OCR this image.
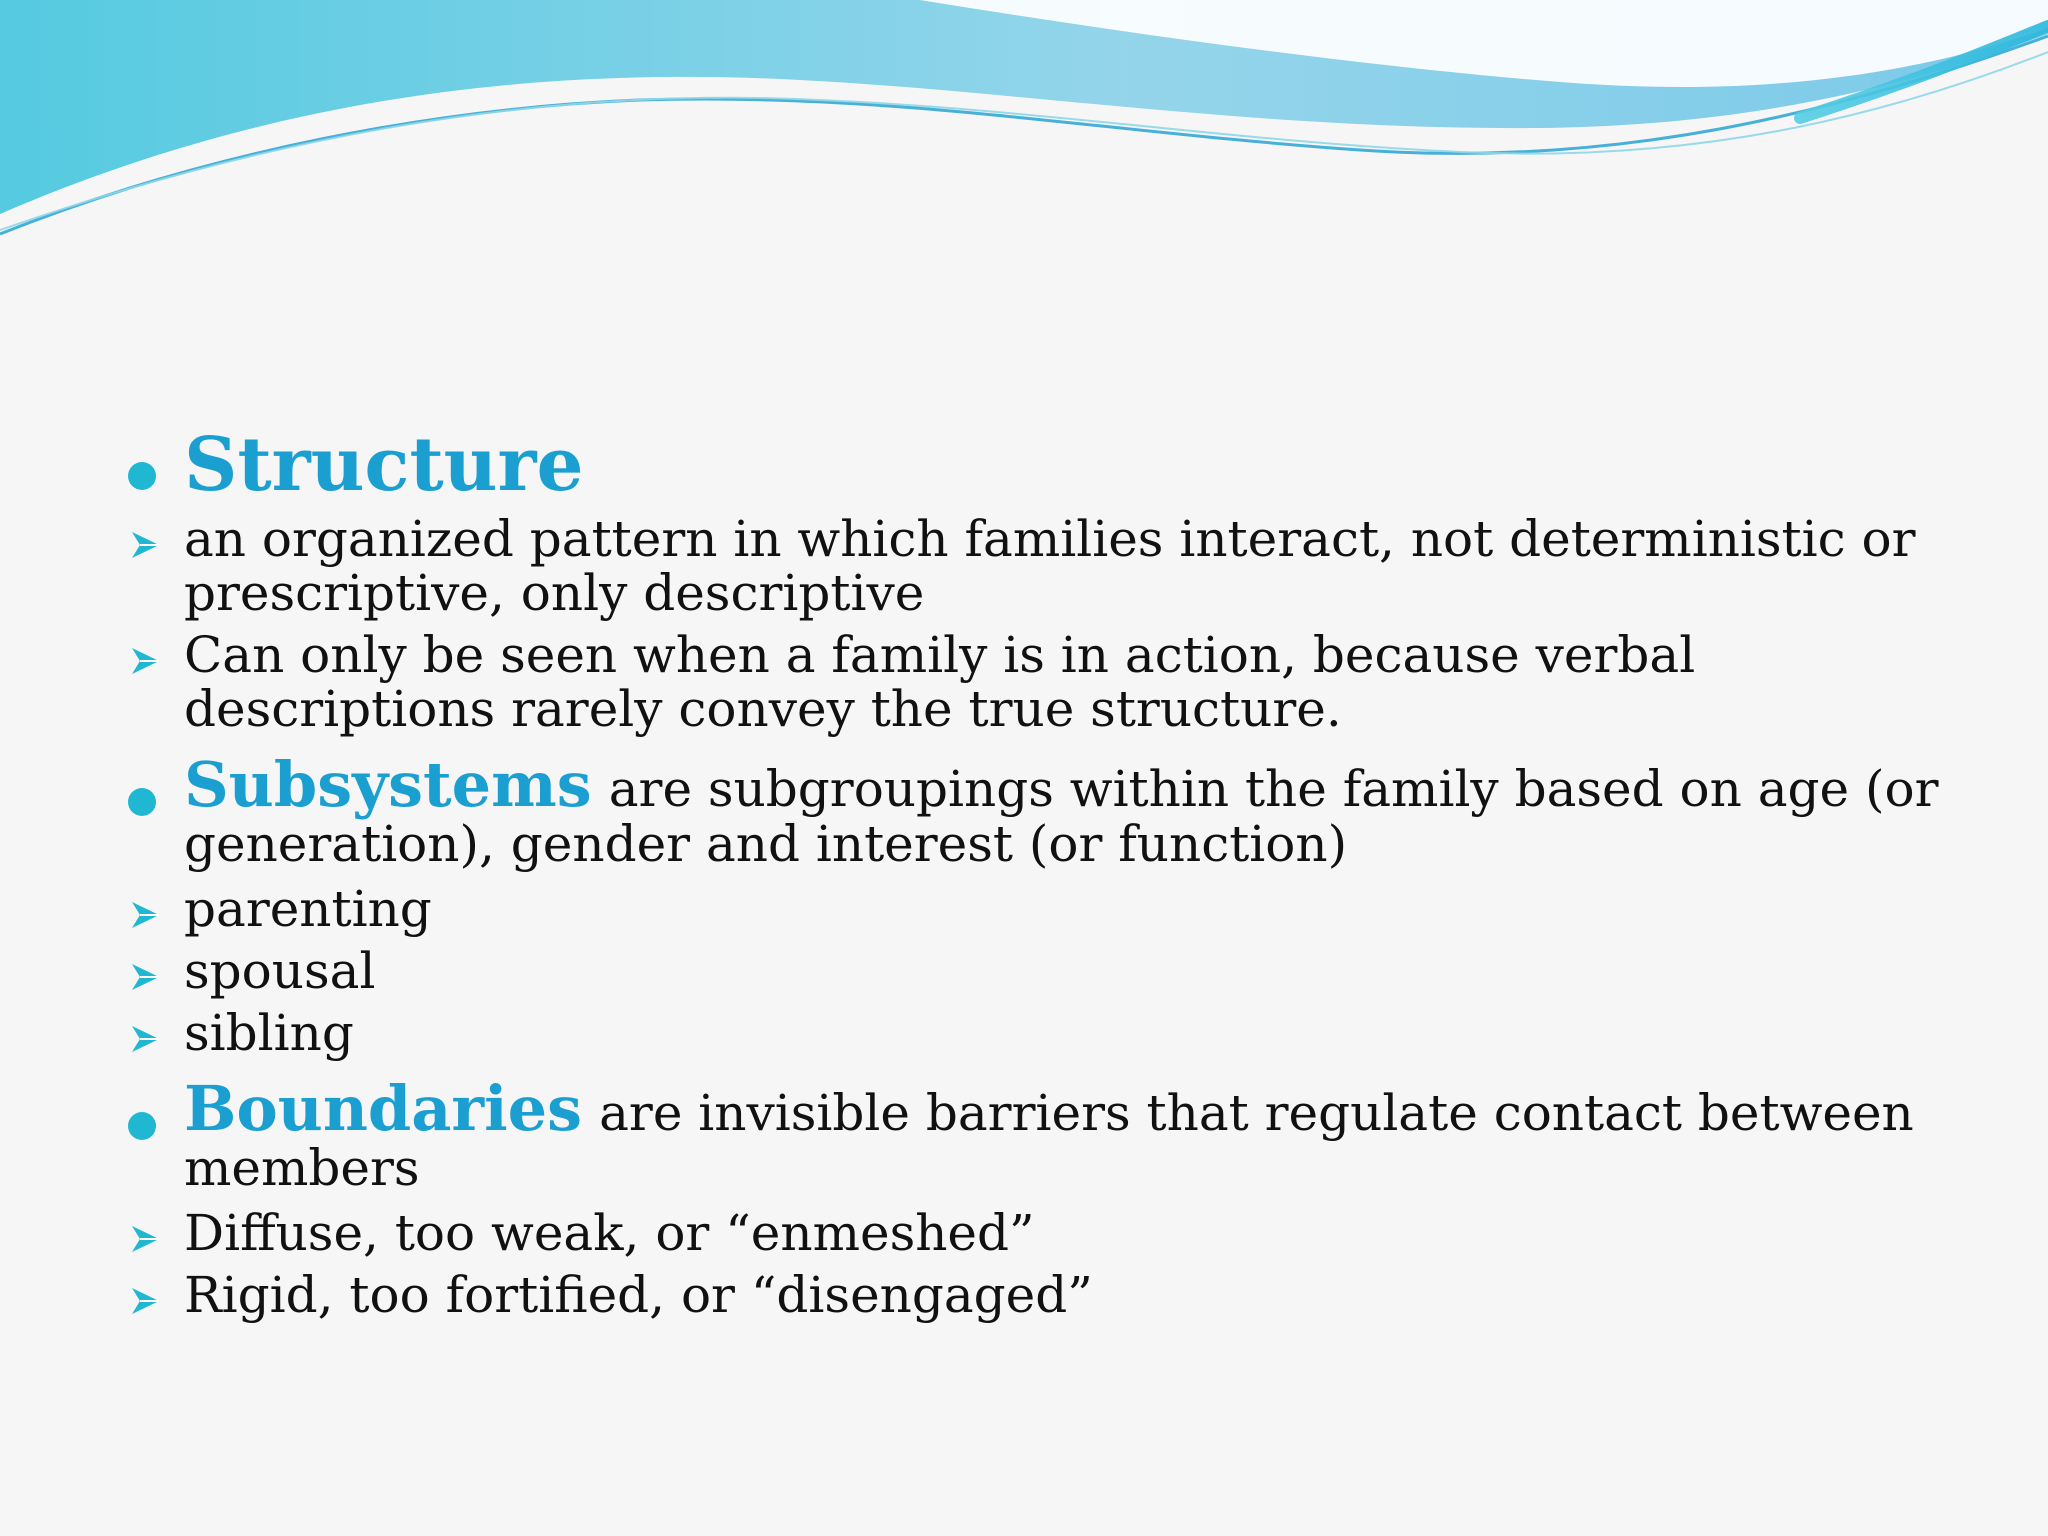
Structure
an organized pattern in which families interact, not deterministic or prescriptive, only descriptive
Can only be seen when a family is in action, because verbal descriptions rarely convey the true structure.
Subsystems are subgroupings within the family based on age (or generation), gender and interest (or function)
parenting
spousal
sibling
Boundaries are invisible barriers that regulate contact between members
Diffuse, too weak, or “enmeshed”
Rigid, too fortified, or “disengaged”
